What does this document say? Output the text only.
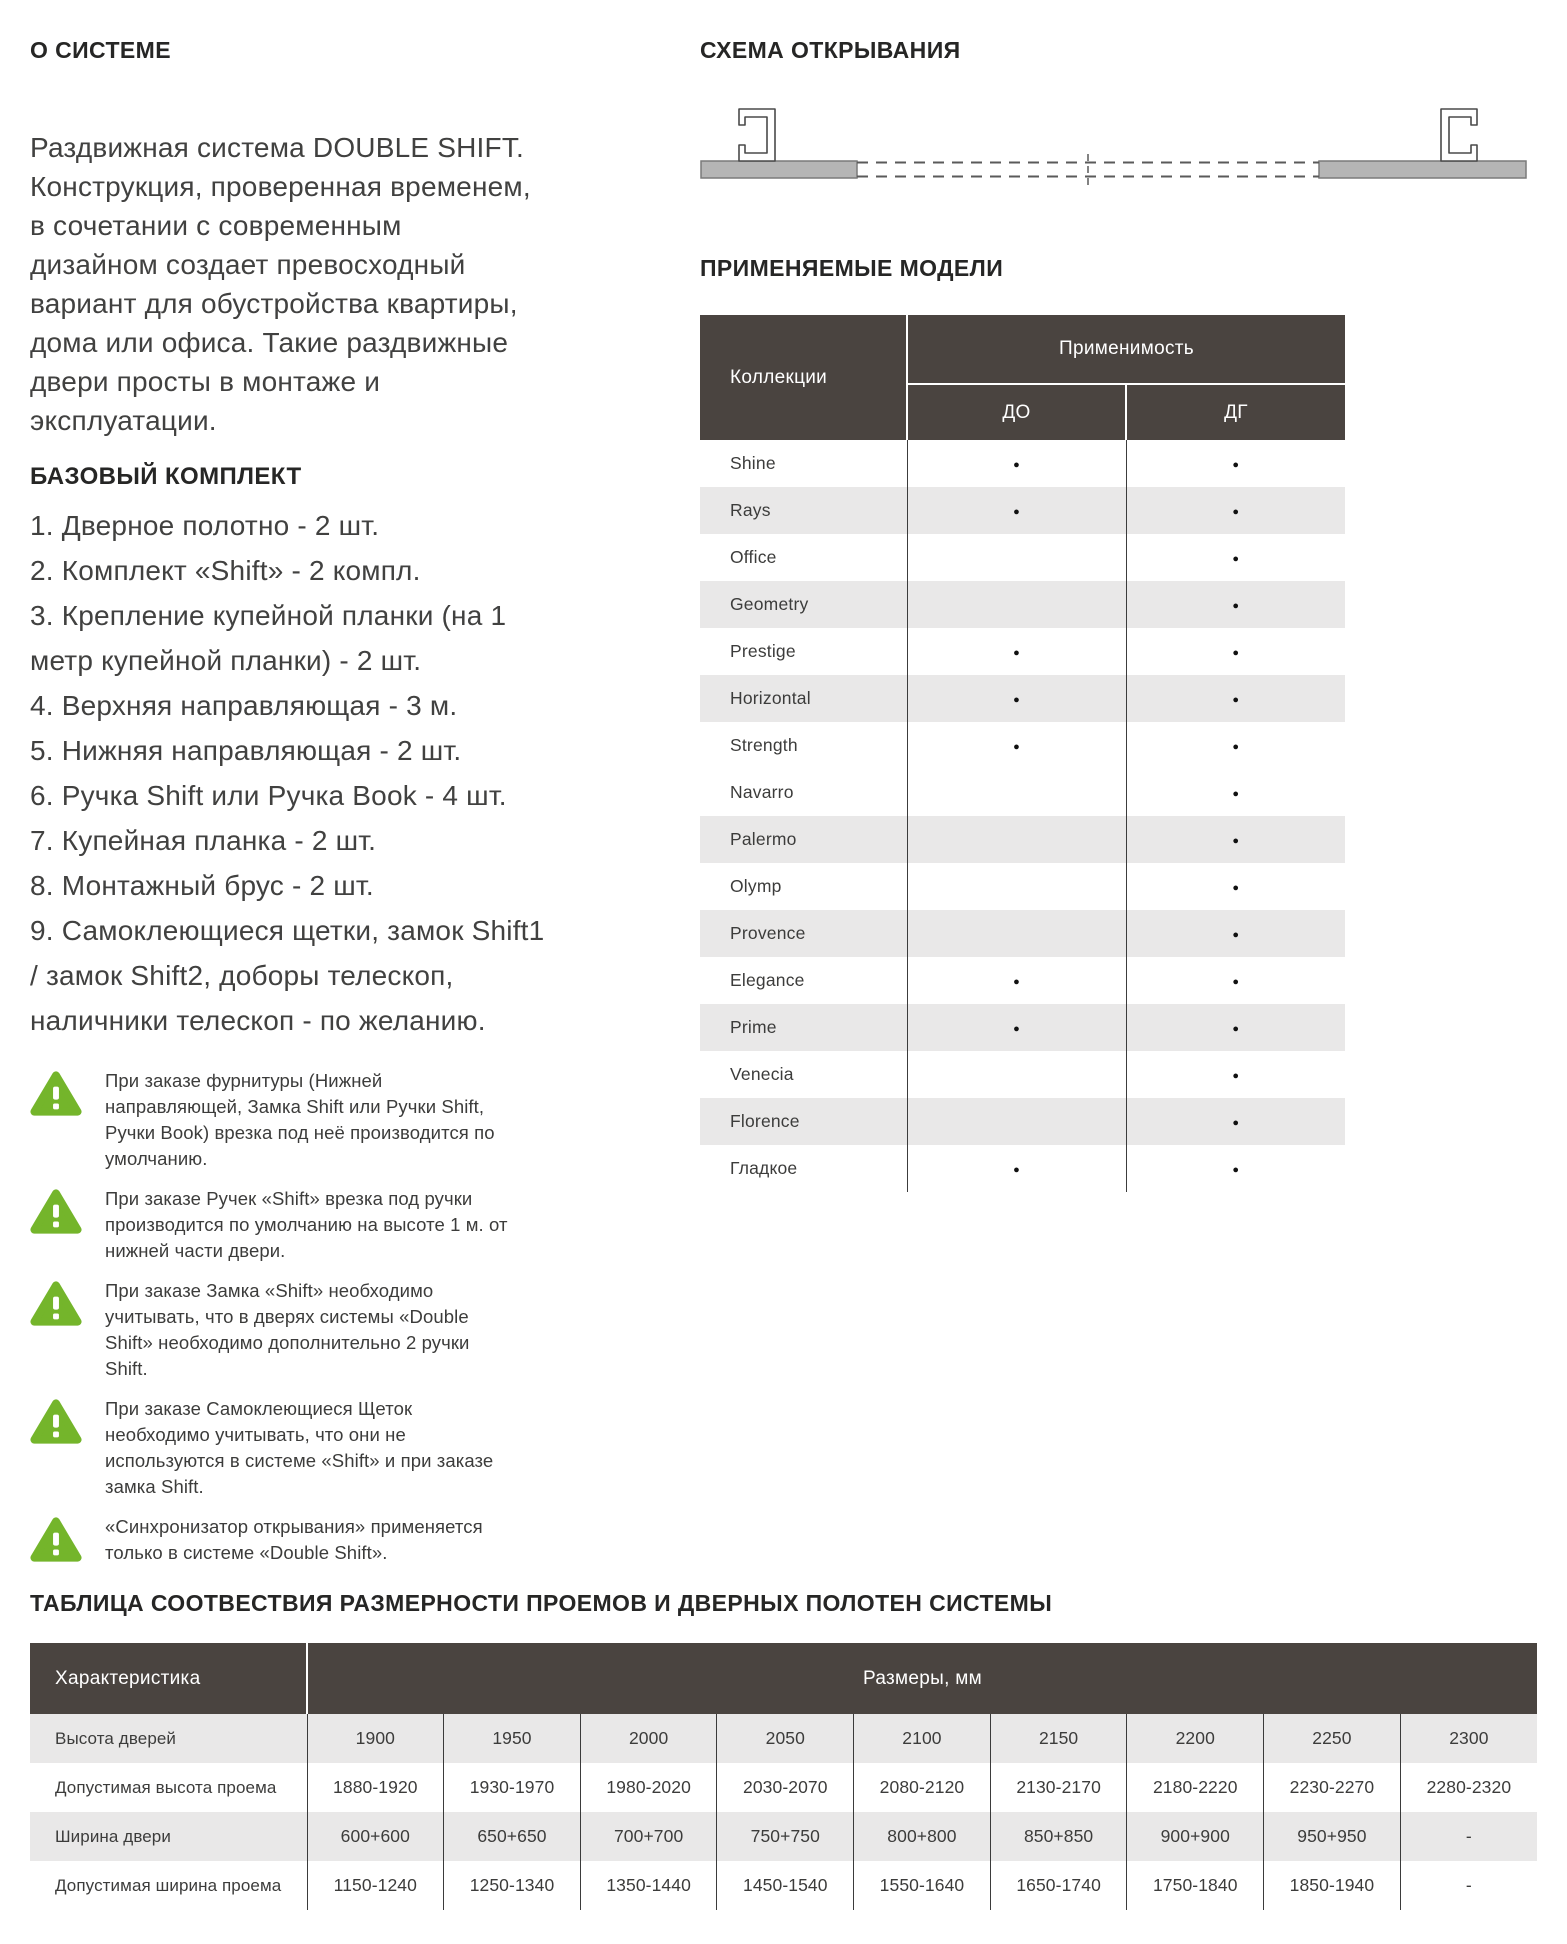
О СИСТЕМЕ

Раздвижная система DOUBLE SHIFT. Конструкция, проверенная временем, в сочетании с современным дизайном создает превосходный вариант для обустройства квартиры, дома или офиса. Такие раздвижные двери просты в монтаже и эксплуатации.

БАЗОВЫЙ КОМПЛЕКТ
1. Дверное полотно - 2 шт.
2. Комплект «Shift» - 2 компл.
3. Крепление купейной планки (на 1 метр купейной планки) - 2 шт.
4. Верхняя направляющая - 3 м.
5. Нижняя направляющая - 2 шт.
6. Ручка Shift или Ручка Book - 4 шт.
7. Купейная планка - 2 шт.
8. Монтажный брус - 2 шт.
9. Самоклеющиеся щетки, замок Shift1 / замок Shift2, доборы телескоп, наличники телескоп - по желанию.
При заказе фурнитуры (Нижней направляющей, Замка Shift или Ручки Shift, Ручки Book) врезка под неё производится по умолчанию.
При заказе Ручек «Shift» врезка под ручки производится по умолчанию на высоте 1 м. от нижней части двери.
При заказе Замка «Shift» необходимо учитывать, что в дверях системы «Double Shift» необходимо дополнительно 2 ручки Shift.
При заказе Самоклеющиеся Щеток необходимо учитывать, что они не используются в системе «Shift» и при заказе замка Shift.
«Синхронизатор открывания» применяется только в системе «Double Shift».
СХЕМА ОТКРЫВАНИЯ
ПРИМЕНЯЕМЫЕ МОДЕЛИ
Коллекции	Применимость	
	ДО	ДГ
Shine	●	●
Rays	●	●
Office		●
Geometry		●
Prestige	●	●
Horizontal	●	●
Strength	●	●
Navarro		●
Palermo		●
Olymp		●
Provence		●
Elegance	●	●
Prime	●	●
Venecia		●
Florence		●
Гладкое	●	●
ТАБЛИЦА СООТВЕСТВИЯ РАЗМЕРНОСТИ ПРОЕМОВ И ДВЕРНЫХ ПОЛОТЕН СИСТЕМЫ
Характеристика	Размеры, мм								
Высота дверей	1900	1950	2000	2050	2100	2150	2200	2250	2300
Допустимая высота проема	1880-1920	1930-1970	1980-2020	2030-2070	2080-2120	2130-2170	2180-2220	2230-2270	2280-2320
Ширина двери	600+600	650+650	700+700	750+750	800+800	850+850	900+900	950+950	-
Допустимая ширина проема	1150-1240	1250-1340	1350-1440	1450-1540	1550-1640	1650-1740	1750-1840	1850-1940	-
